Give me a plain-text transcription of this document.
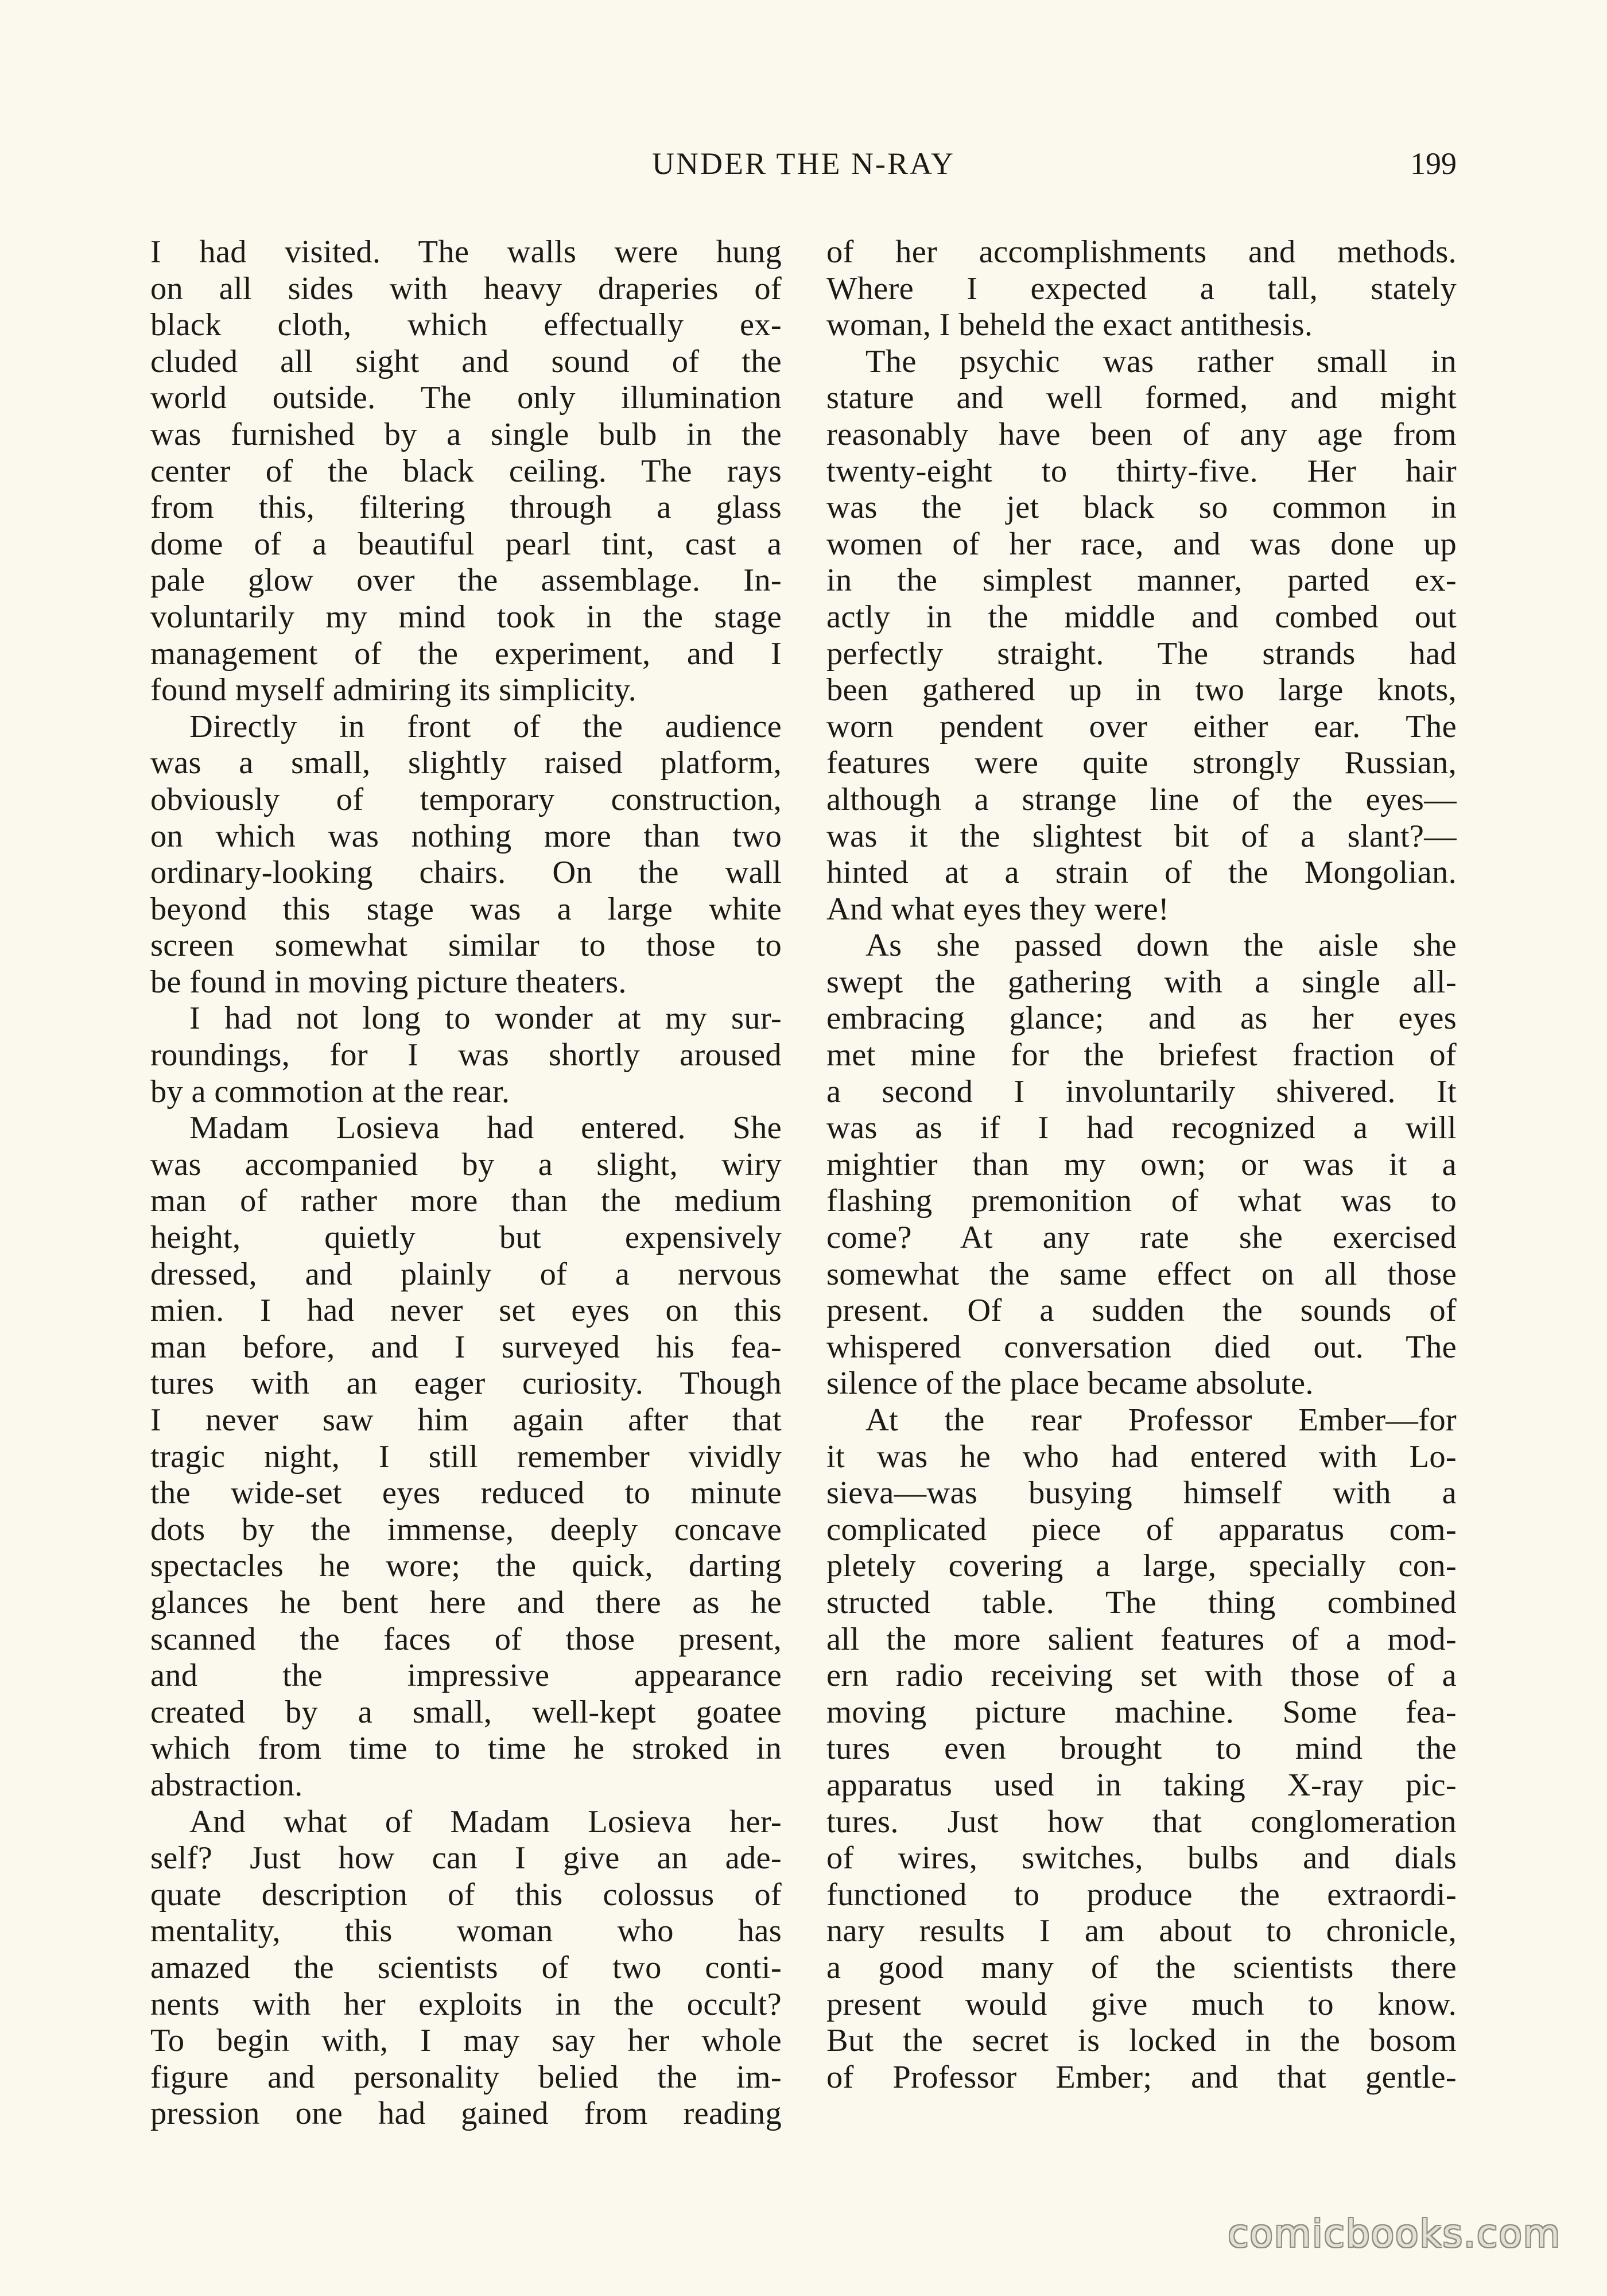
UNDER THE N-RAY	199
I had visited. The walls were hung
on all sides with heavy draperies of
black cloth, which effectually ex-
cluded all sight and sound of the
world outside. The only illumination
was furnished by a single bulb in the
center of the black ceiling. The rays
from this, filtering through a glass
dome of a beautiful pearl tint, cast a
pale glow over the assemblage. In-
voluntarily my mind took in the stage
management of the experiment, and I
found myself admiring its simplicity.
Directly in front of the audience
was a small, slightly raised platform,
obviously of temporary construction,
on which was nothing more than two
ordinary-looking chairs. On the wall
beyond this stage was a large white
screen somewhat similar to those to
be found in moving picture theaters.
I had not long to wonder at my sur-
roundings, for I was shortly aroused
by a commotion at the rear.
Madam Losieva had entered. She
was accompanied by a slight, wiry
man of rather more than the medium
height, quietly but expensively
dressed, and plainly of a nervous
mien. I had never set eyes on this
man before, and I surveyed his fea-
tures with an eager curiosity. Though
I never saw him again after that
tragic night, I still remember vividly
the wide-set eyes reduced to minute
dots by the immense, deeply concave
spectacles he wore; the quick, darting
glances he bent here and there as he
scanned the faces of those present,
and the impressive appearance
created by a small, well-kept goatee
which from time to time he stroked in
abstraction.
And what of Madam Losieva her-
self? Just how can I give an ade-
quate description of this colossus of
mentality, this woman who has
amazed the scientists of two conti-
nents with her exploits in the occult?
To begin with, I may say her whole
figure and personality belied the im-
pression one had gained from reading
of her accomplishments and methods.
Where I expected a tall, stately
woman, I beheld the exact antithesis.
The psychic was rather small in
stature and well formed, and might
reasonably have been of any age from
twenty-eight to thirty-five. Her hair
was the jet black so common in
women of her race, and was done up
in the simplest manner, parted ex-
actly in the middle and combed out
perfectly straight. The strands had
been gathered up in two large knots,
worn pendent over either ear. The
features were quite strongly Russian,
although a strange line of the eyes—
was it the slightest bit of a slant?—
hinted at a strain of the Mongolian.
And what eyes they were!
As she passed down the aisle she
swept the gathering with a single all-
embracing glance; and as her eyes
met mine for the briefest fraction of
a second I involuntarily shivered. It
was as if I had recognized a will
mightier than my own; or was it a
flashing premonition of what was to
come? At any rate she exercised
somewhat the same effect on all those
present. Of a sudden the sounds of
whispered conversation died out. The
silence of the place became absolute.
At the rear Professor Ember—for
it was he who had entered with Lo-
sieva—was busying himself with a
complicated piece of apparatus com-
pletely covering a large, specially con-
structed table. The thing combined
all the more salient features of a mod-
ern radio receiving set with those of a
moving picture machine. Some fea-
tures even brought to mind the
apparatus used in taking X-ray pic-
tures. Just how that conglomeration
of wires, switches, bulbs and dials
functioned to produce the extraordi-
nary results I am about to chronicle,
a good many of the scientists there
present would give much to know.
But the secret is locked in the bosom
of Professor Ember; and that gentle-
comicbooks.com
